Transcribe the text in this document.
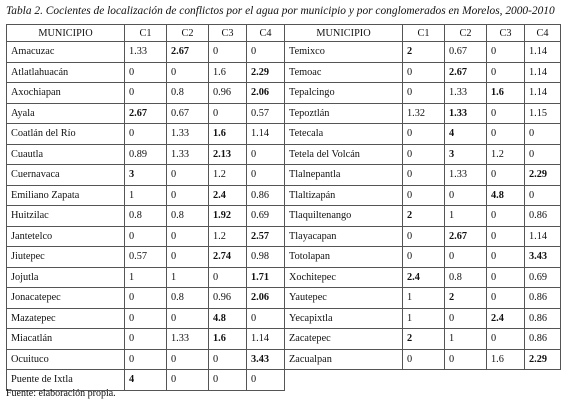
Tabla 2. Cocientes de localización de conflictos por el agua por municipio y por conglomerados en Morelos, 2000-2010
MUNICIPIO	C1	C2	C3	C4	MUNICIPIO	C1	C2	C3	C4
Amacuzac	1.33	2.67	0	0	Temixco	2	0.67	0	1.14
Atlatlahuacán	0	0	1.6	2.29	Temoac	0	2.67	0	1.14
Axochiapan	0	0.8	0.96	2.06	Tepalcingo	0	1.33	1.6	1.14
Ayala	2.67	0.67	0	0.57	Tepoztlán	1.32	1.33	0	1.15
Coatlán del Río	0	1.33	1.6	1.14	Tetecala	0	4	0	0
Cuautla	0.89	1.33	2.13	0	Tetela del Volcán	0	3	1.2	0
Cuernavaca	3	0	1.2	0	Tlalnepantla	0	1.33	0	2.29
Emiliano Zapata	1	0	2.4	0.86	Tlaltizapán	0	0	4.8	0
Huitzilac	0.8	0.8	1.92	0.69	Tlaquiltenango	2	1	0	0.86
Jantetelco	0	0	1.2	2.57	Tlayacapan	0	2.67	0	1.14
Jiutepec	0.57	0	2.74	0.98	Totolapan	0	0	0	3.43
Jojutla	1	1	0	1.71	Xochitepec	2.4	0.8	0	0.69
Jonacatepec	0	0.8	0.96	2.06	Yautepec	1	2	0	0.86
Mazatepec	0	0	4.8	0	Yecapixtla	1	0	2.4	0.86
Miacatlán	0	1.33	1.6	1.14	Zacatepec	2	1	0	0.86
Ocuituco	0	0	0	3.43	Zacualpan	0	0	1.6	2.29
Puente de Ixtla	4	0	0	0					
Fuente: elaboración propia.
